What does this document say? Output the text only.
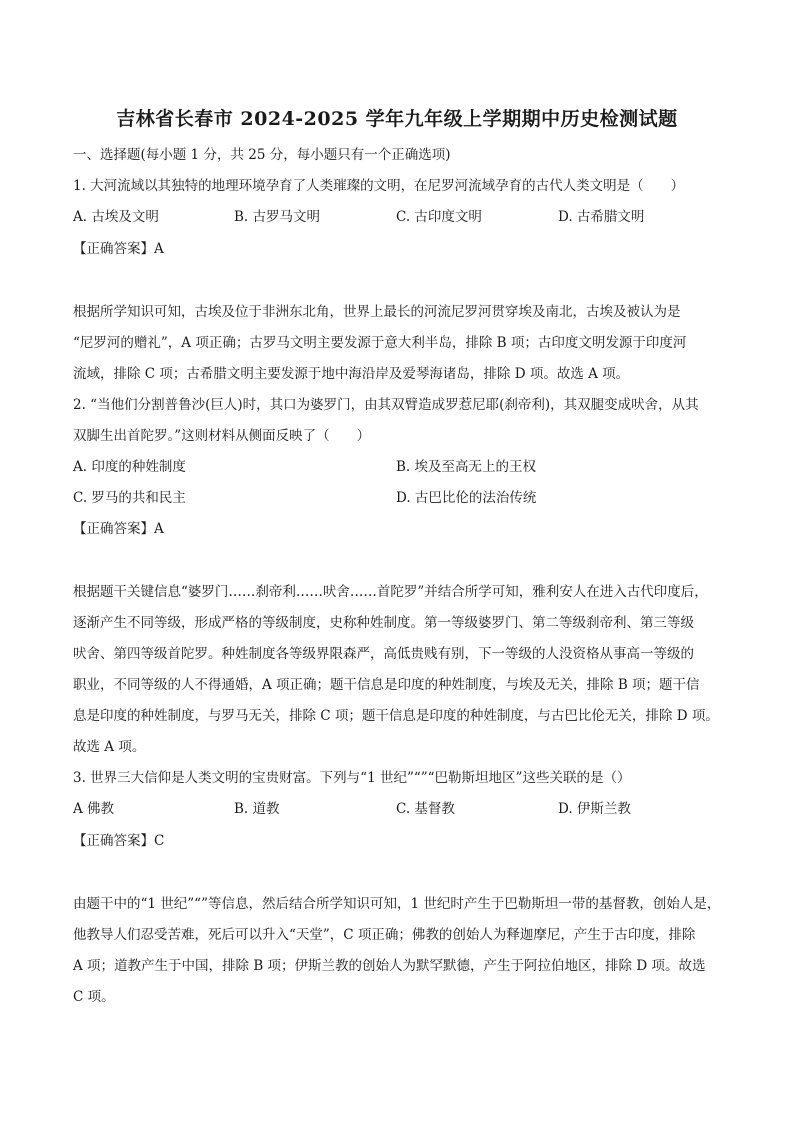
吉林省长春市 2024-2025 学年九年级上学期期中历史检测试题
一、选择题(每小题 1 分，共 25 分，每小题只有一个正确选项)
1. 大河流域以其独特的地理环境孕育了人类璀璨的文明，在尼罗河流域孕育的古代人类文明是（　　）
A. 古埃及文明	B. 古罗马文明	C. 古印度文明	D. 古希腊文明
【正确答案】A
根据所学知识可知，古埃及位于非洲东北角，世界上最长的河流尼罗河贯穿埃及南北，古埃及被认为是
“尼罗河的赠礼”，A 项正确；古罗马文明主要发源于意大利半岛，排除 B 项；古印度文明发源于印度河
流域，排除 C 项；古希腊文明主要发源于地中海沿岸及爱琴海诸岛，排除 D 项。故选 A 项。
2. “当他们分割普鲁沙(巨人)时，其口为婆罗门，由其双臂造成罗惹尼耶(刹帝利)，其双腿变成吠舍，从其
双脚生出首陀罗。”这则材料从侧面反映了（　　）
A. 印度的种姓制度	B. 埃及至高无上的王权
C. 罗马的共和民主	D. 古巴比伦的法治传统
【正确答案】A
根据题干关键信息“婆罗门……刹帝利……吠舍……首陀罗”并结合所学可知，雅利安人在进入古代印度后，
逐渐产生不同等级，形成严格的等级制度，史称种姓制度。第一等级婆罗门、第二等级刹帝利、第三等级
吠舍、第四等级首陀罗。种姓制度各等级界限森严，高低贵贱有别，下一等级的人没资格从事高一等级的
职业，不同等级的人不得通婚，A 项正确；题干信息是印度的种姓制度，与埃及无关，排除 B 项；题干信
息是印度的种姓制度，与罗马无关，排除 C 项；题干信息是印度的种姓制度，与古巴比伦无关，排除 D 项。
故选 A 项。
3. 世界三大信仰是人类文明的宝贵财富。下列与“1 世纪”“”“巴勒斯坦地区”这些关联的是（）
A 佛教	B. 道教	C. 基督教	D. 伊斯兰教
【正确答案】C
由题干中的“1 世纪”“”等信息，然后结合所学知识可知，1 世纪时产生于巴勒斯坦一带的基督教，创始人是，
他教导人们忍受苦难，死后可以升入“天堂”，C 项正确；佛教的创始人为释迦摩尼，产生于古印度，排除
A 项；道教产生于中国，排除 B 项；伊斯兰教的创始人为默罕默德，产生于阿拉伯地区，排除 D 项。故选
C 项。
